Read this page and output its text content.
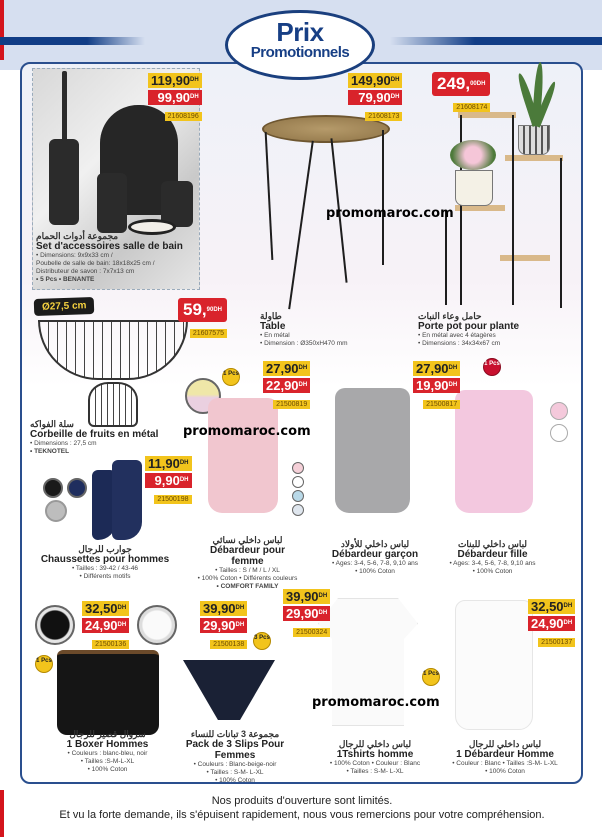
Prix
Promotionnels
$119,90^{DH}$

$99,90^{DH}$
21608196
مجموعة أدوات الحمام
Set d'accessoires salle de bain
• Dimensions: 9x9x33 cm /
Poubelle de salle de bain: 18x18x25 cm /
Distributeur de savon : 7x7x13 cm
• 5 Pcs • BENANTE
$149,90^{DH}$

$79,90^{DH}$
21608173
طاولة
Table
• En métal
• Dimension : Ø350xH470 mm
249,$^{00DH}$
21608174
حامل وعاء النبات
Porte pot pour plante
• En métal avec 4 étagères
• Dimensions : 34x34x67 cm
promomaroc.com
Ø27,5 cm	59,$^{90DH}$
21607575
سلة الفواكه
Corbeille de fruits en métal
• Dimensions : 27,5 cm
• TEKNOTEL
promomaroc.com
1 Pcs $27,90^{DH}$

$22,90^{DH}$
21500819
لباس داخلي نسائي
Débardeur pour femme
• Tailles : S / M / L / XL
• 100% Coton • Différents couleurs
• COMFORT FAMILY
لباس داخلي للأولاد
Débardeur garçon
• Ages: 3-4, 5-6, 7-8, 9,10 ans
• 100% Coton
1 Pcs
$27,90^{DH}$

$19,90^{DH}$
21500817
لباس داخلي للبنات
Débardeur fille
• Ages: 3-4, 5-6, 7-8, 9,10 ans
• 100% Coton
$11,90^{DH}$

$9,90^{DH}$
21500198
جوارب للرجال
Chaussettes pour hommes
• Tailles : 39-42 / 43-46
• Différents motifs
1 Pcs
$32,50^{DH}$

$24,90^{DH}$
21500136
سروال قصير للرجال
1 Boxer Hommes
• Couleurs : blanc-bleu, noir
• Tailles :S-M-L-XL
• 100% Coton
3 Pcs
$39,90^{DH}$

$29,90^{DH}$
21500138
مجموعة 3 تبانات للنساء
Pack de 3 Slips Pour Femmes
• Couleurs : Blanc-beige-noir
• Tailles : S-M- L-XL
• 100% Coton
1 Pcs
$39,90^{DH}$

$29,90^{DH}$
21500324
لباس داخلي للرجال
1Tshirts homme
• 100% Coton • Couleur : Blanc
• Tailles : S-M- L-XL
$32,50^{DH}$

$24,90^{DH}$
21500137
لباس داخلي للرجال
1 Débardeur Homme
• Couleur : Blanc • Tailles :S-M- L-XL
• 100% Coton
promomaroc.com
Nos produits d'ouverture sont limités.
Et vu la forte demande, ils s'épuisent rapidement, nous vous remercions pour votre compréhension.
